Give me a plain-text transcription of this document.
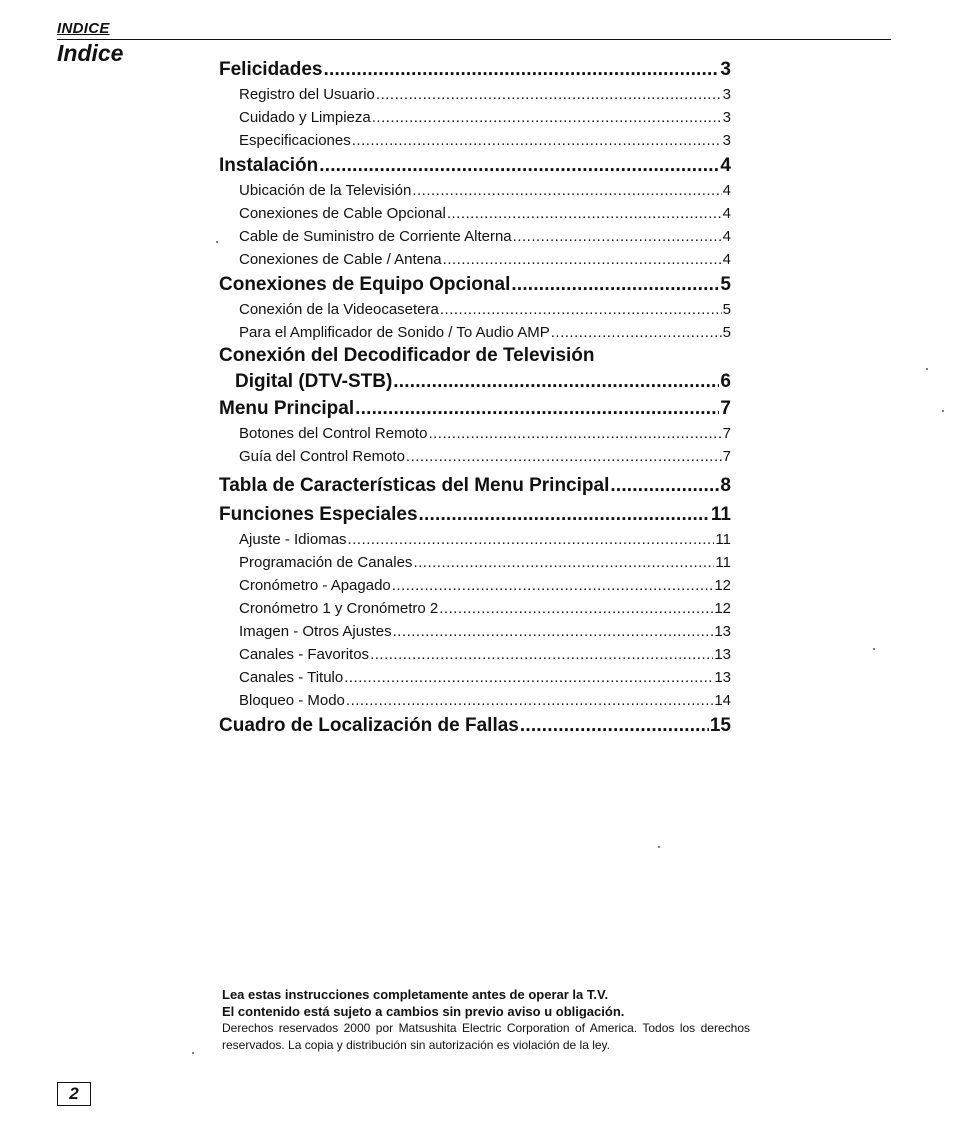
INDICE
Indice
Felicidades .....	3
Registro del Usuario .....	3
Cuidado y Limpieza .....	3
Especificaciones .....	3
Instalación .....	4
Ubicación de la Televisión .....	4
Conexiones de Cable Opcional .....	4
Cable de Suministro de Corriente Alterna .....	4
Conexiones de Cable / Antena .....	4
Conexiones de Equipo Opcional .....	5
Conexión de la Videocasetera .....	5
Para el Amplificador de Sonido / To Audio AMP .....	5
Conexión del Decodificador de Televisión
Digital (DTV-STB) .....	6
Menu Principal .....	7
Botones del Control Remoto .....	7
Guía del Control Remoto .....	7
Tabla de Características del Menu Principal .....	8
Funciones Especiales .....	11
Ajuste - Idiomas .....	11
Programación de Canales .....	11
Cronómetro - Apagado .....	12
Cronómetro 1 y Cronómetro 2 .....	12
Imagen - Otros Ajustes .....	13
Canales - Favoritos .....	13
Canales - Titulo .....	13
Bloqueo - Modo .....	14
Cuadro de Localización de Fallas .....	15
Lea estas instrucciones completamente antes de operar la T.V.
El contenido está sujeto a cambios sin previo aviso u obligación.
Derechos reservados 2000 por Matsushita Electric Corporation of America. Todos los derechos reservados. La copia y distribución sin autorización es violación de la ley.
2
